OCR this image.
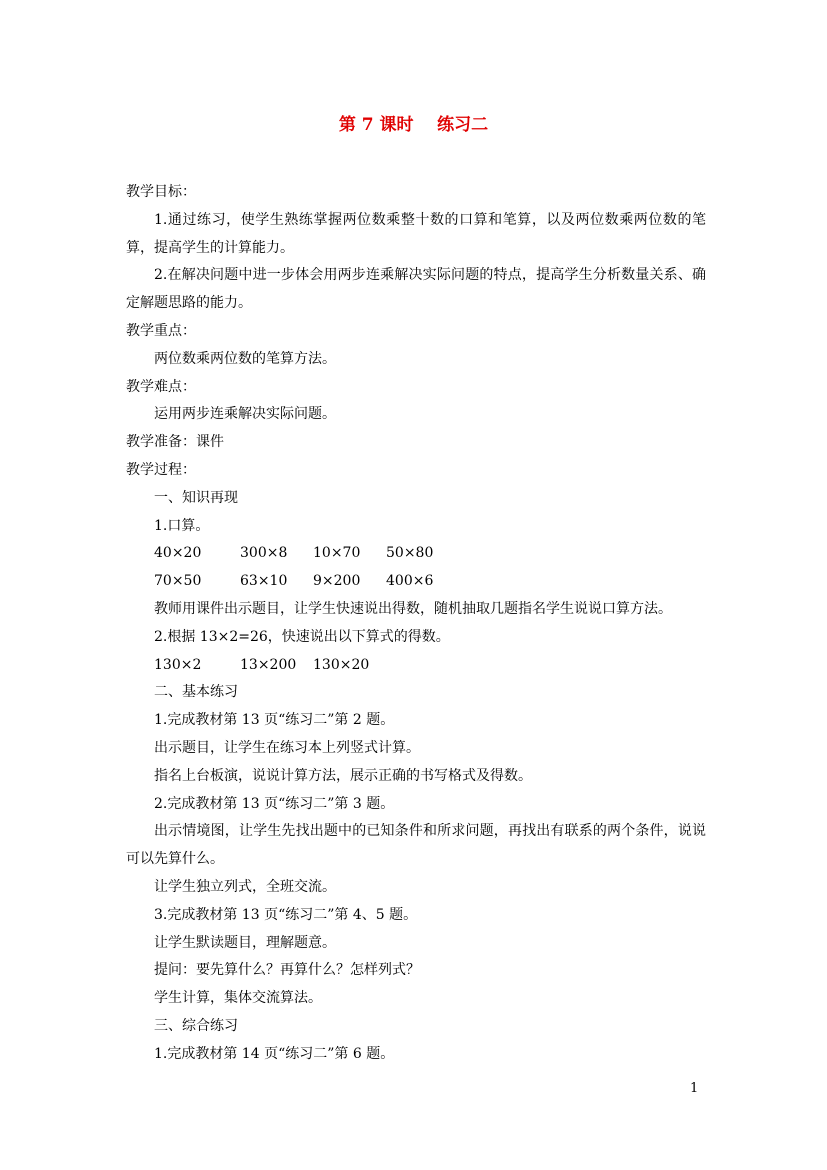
第 7 课时    练习二
教学目标：
1.通过练习，使学生熟练掌握两位数乘整十数的口算和笔算，以及两位数乘两位数的笔算，提高学生的计算能力。
2.在解决问题中进一步体会用两步连乘解决实际问题的特点，提高学生分析数量关系、确定解题思路的能力。
教学重点：
两位数乘两位数的笔算方法。
教学难点：
运用两步连乘解决实际问题。
教学准备：课件
教学过程：
一、知识再现
1.口算。
40×20	300×8 10×70 50×80
70×50	63×10 9×200 400×6
教师用课件出示题目，让学生快速说出得数，随机抽取几题指名学生说说口算方法。
2.根据 13×2=26，快速说出以下算式的得数。
130×2	13×200 130×20
二、基本练习
1.完成教材第 13 页“练习二”第 2 题。
出示题目，让学生在练习本上列竖式计算。
指名上台板演，说说计算方法，展示正确的书写格式及得数。
2.完成教材第 13 页“练习二”第 3 题。
出示情境图，让学生先找出题中的已知条件和所求问题，再找出有联系的两个条件，说说可以先算什么。
让学生独立列式，全班交流。
3.完成教材第 13 页“练习二”第 4、5 题。
让学生默读题目，理解题意。
提问：要先算什么？再算什么？怎样列式？
学生计算，集体交流算法。
三、综合练习
1.完成教材第 14 页“练习二”第 6 题。
1
